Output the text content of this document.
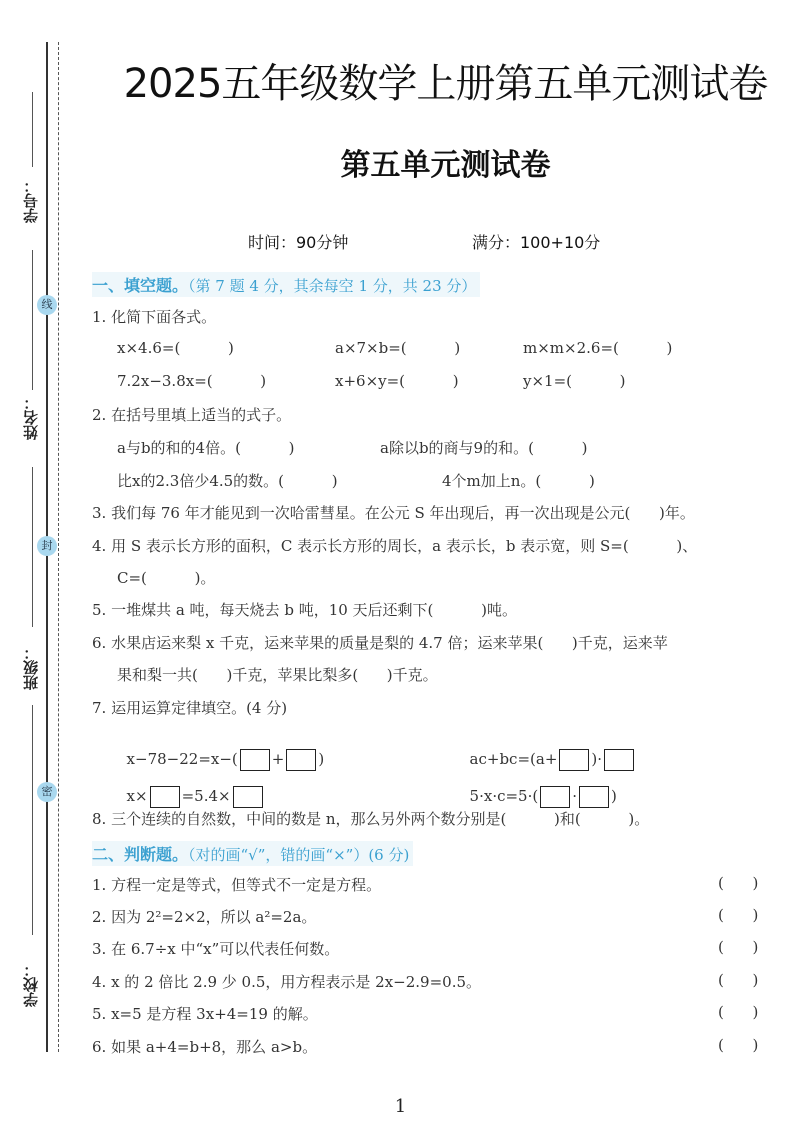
学号：
姓名：
班级：
学校：
线
封
密
2025五年级数学上册第五单元测试卷
第五单元测试卷
时间：90分钟	满分：100+10分
一、填空题。（第 7 题 4 分，其余每空 1 分，共 23 分）
1. 化简下面各式。
x×4.6=(          )	a×7×b=(          )	m×m×2.6=(          )
7.2x−3.8x=(          )	x+6×y=(          )	y×1=(          )
2. 在括号里填上适当的式子。
a与b的和的4倍。(          )	a除以b的商与9的和。(          )
比x的2.3倍少4.5的数。(          )	4个m加上n。(          )
3. 我们每 76 年才能见到一次哈雷彗星。在公元 S 年出现后，再一次出现是公元(      )年。
4. 用 S 表示长方形的面积，C 表示长方形的周长，a 表示长，b 表示宽，则 S=(          )、
C=(          )。
5. 一堆煤共 a 吨，每天烧去 b 吨，10 天后还剩下(          )吨。
6. 水果店运来梨 x 千克，运来苹果的质量是梨的 4.7 倍；运来苹果(      )千克，运来苹
果和梨一共(      )千克，苹果比梨多(      )千克。
7. 运用运算定律填空。(4 分)

x−78−22=x−( + )	ac+bc=(a+ )·

x× =5.4×	5·x·c=5·( · )

8. 三个连续的自然数，中间的数是 n，那么另外两个数分别是(          )和(          )。
二、判断题。（对的画“√”，错的画“×”）(6 分)
1. 方程一定是等式，但等式不一定是方程。	(      )
2. 因为 2²=2×2，所以 a²=2a。	(      )
3. 在 6.7÷x 中“x”可以代表任何数。	(      )
4. x 的 2 倍比 2.9 少 0.5，用方程表示是 2x−2.9=0.5。	(      )
5. x=5 是方程 3x+4=19 的解。	(      )
6. 如果 a+4=b+8，那么 a>b。	(      )
1
